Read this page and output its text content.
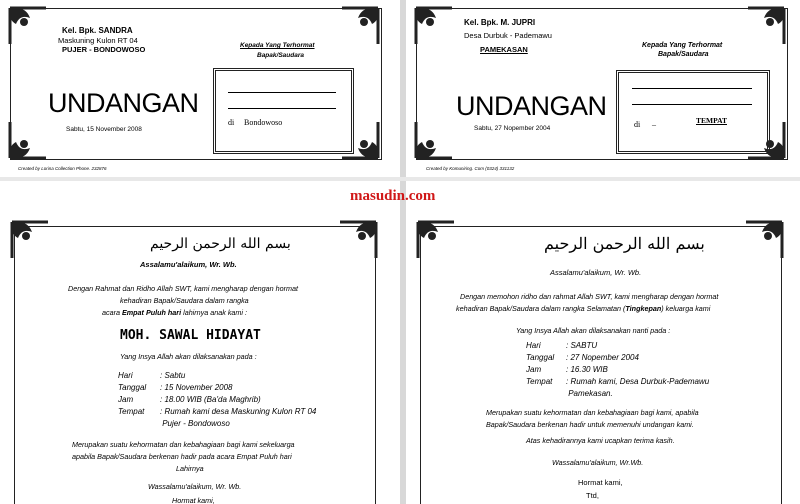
Kel. Bpk. SANDRA
Maskuning Kulon RT 04
PUJER - BONDOWOSO
UNDANGAN
Sabtu, 15 November 2008
Kepada Yang Terhormat
Bapak/Saudara
di Bondowoso
Created by Lorina Collection Phone. 232876
Kel. Bpk. M. JUPRI
Desa Durbuk - Pademawu
PAMEKASAN
UNDANGAN
Sabtu, 27 Nopember 2004
Kepada Yang Terhormat
Bapak/Saudara
di –	TEMPAT
Created by Komuniring. Com (0324) 331132
masudin.com
بسم الله الرحمن الرحيم
Assalamu'alaikum, Wr. Wb.
Dengan Rahmat dan Ridho Allah SWT, kami mengharap dengan hormat
kehadiran Bapak/Saudara dalam rangka
acara Empat Puluh hari lahirnya anak kami :
MOH. SAWAL HIDAYAT
Yang Insya Allah akan dilaksanakan pada :
Hari	: Sabtu
Tanggal : 15 November 2008
Jam	: 18.00 WIB (Ba'da Maghrib)
Tempat : Rumah kami desa Maskuning Kulon RT 04
Pujer - Bondowoso
Merupakan suatu kehormatan dan kebahagiaan bagi kami sekeluarga
apabila Bapak/Saudara berkenan hadir pada acara Empat Puluh hari
Lahirnya
Wassalamu'alaikum, Wr. Wb.
Hormat kami,
بسم الله الرحمن الرحيم
Assalamu'alaikum, Wr. Wb.
Dengan memohon ridho dan rahmat Allah SWT, kami mengharap dengan hormat
kehadiran Bapak/Saudara dalam rangka Selamatan (Tingkepan) keluarga kami
Yang Insya Allah akan dilaksanakan nanti pada :
Hari	: SABTU
Tanggal : 27 Nopember 2004
Jam	: 16.30 WIB
Tempat : Rumah kami, Desa Durbuk-Pademawu
Pamekasan.
Merupakan suatu kehormatan dan kebahagiaan bagi kami, apabila
Bapak/Saudara berkenan hadir untuk memenuhi undangan kami.
Atas kehadirannya kami ucapkan terima kasih.
Wassalamu'alaikum, Wr.Wb.
Hormat kami,
Ttd,
